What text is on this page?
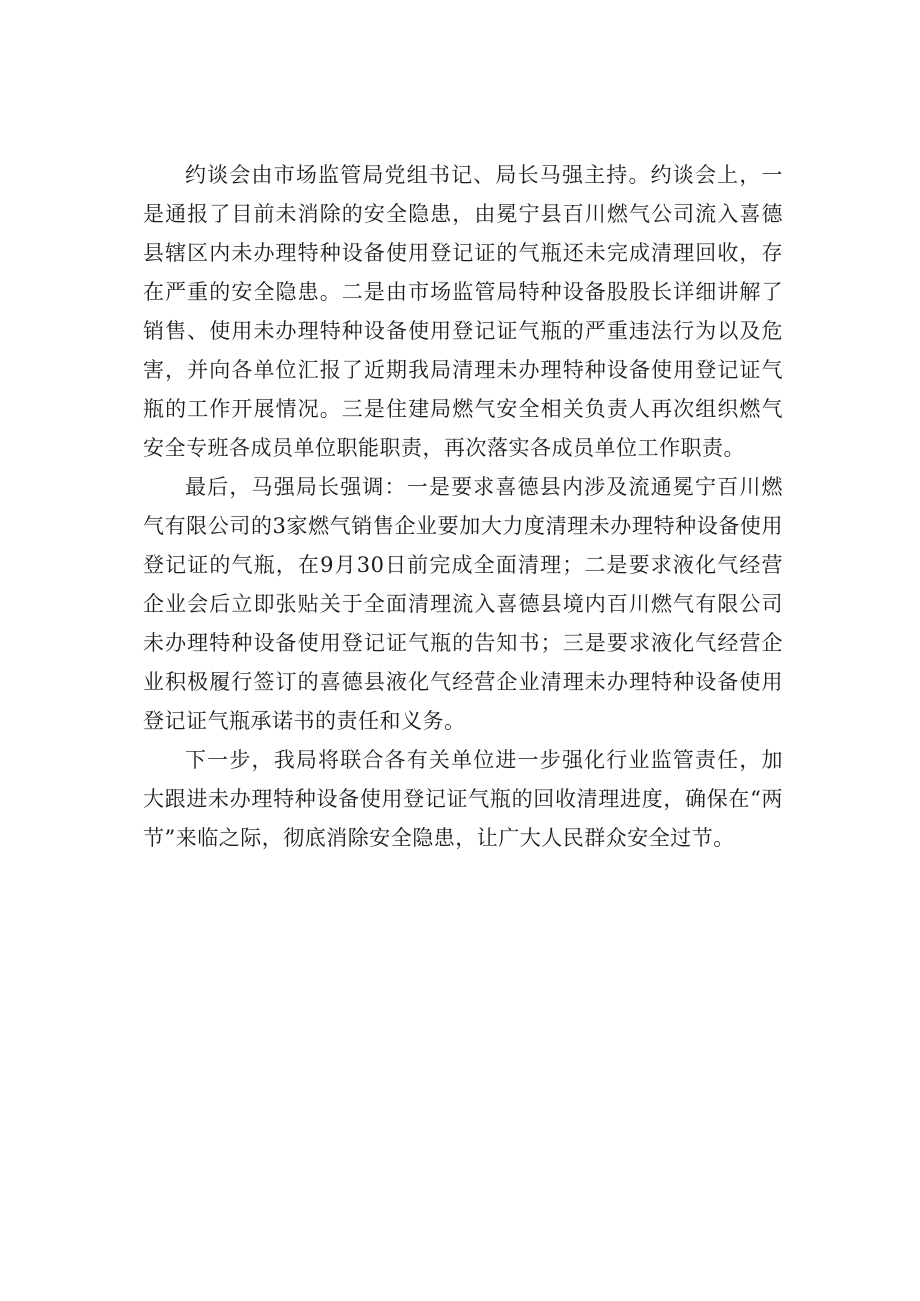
约谈会由市场监管局党组书记、局长马强主持。约谈会上，一是通报了目前未消除的安全隐患，由冕宁县百川燃气公司流入喜德县辖区内未办理特种设备使用登记证的气瓶还未完成清理回收，存在严重的安全隐患。二是由市场监管局特种设备股股长详细讲解了销售、使用未办理特种设备使用登记证气瓶的严重违法行为以及危害，并向各单位汇报了近期我局清理未办理特种设备使用登记证气瓶的工作开展情况。三是住建局燃气安全相关负责人再次组织燃气安全专班各成员单位职能职责，再次落实各成员单位工作职责。

最后，马强局长强调：一是要求喜德县内涉及流通冕宁百川燃气有限公司的3家燃气销售企业要加大力度清理未办理特种设备使用登记证的气瓶，在9月30日前完成全面清理；二是要求液化气经营企业会后立即张贴关于全面清理流入喜德县境内百川燃气有限公司未办理特种设备使用登记证气瓶的告知书；三是要求液化气经营企业积极履行签订的喜德县液化气经营企业清理未办理特种设备使用登记证气瓶承诺书的责任和义务。

下一步，我局将联合各有关单位进一步强化行业监管责任，加大跟进未办理特种设备使用登记证气瓶的回收清理进度，确保在“两节”来临之际，彻底消除安全隐患，让广大人民群众安全过节。
